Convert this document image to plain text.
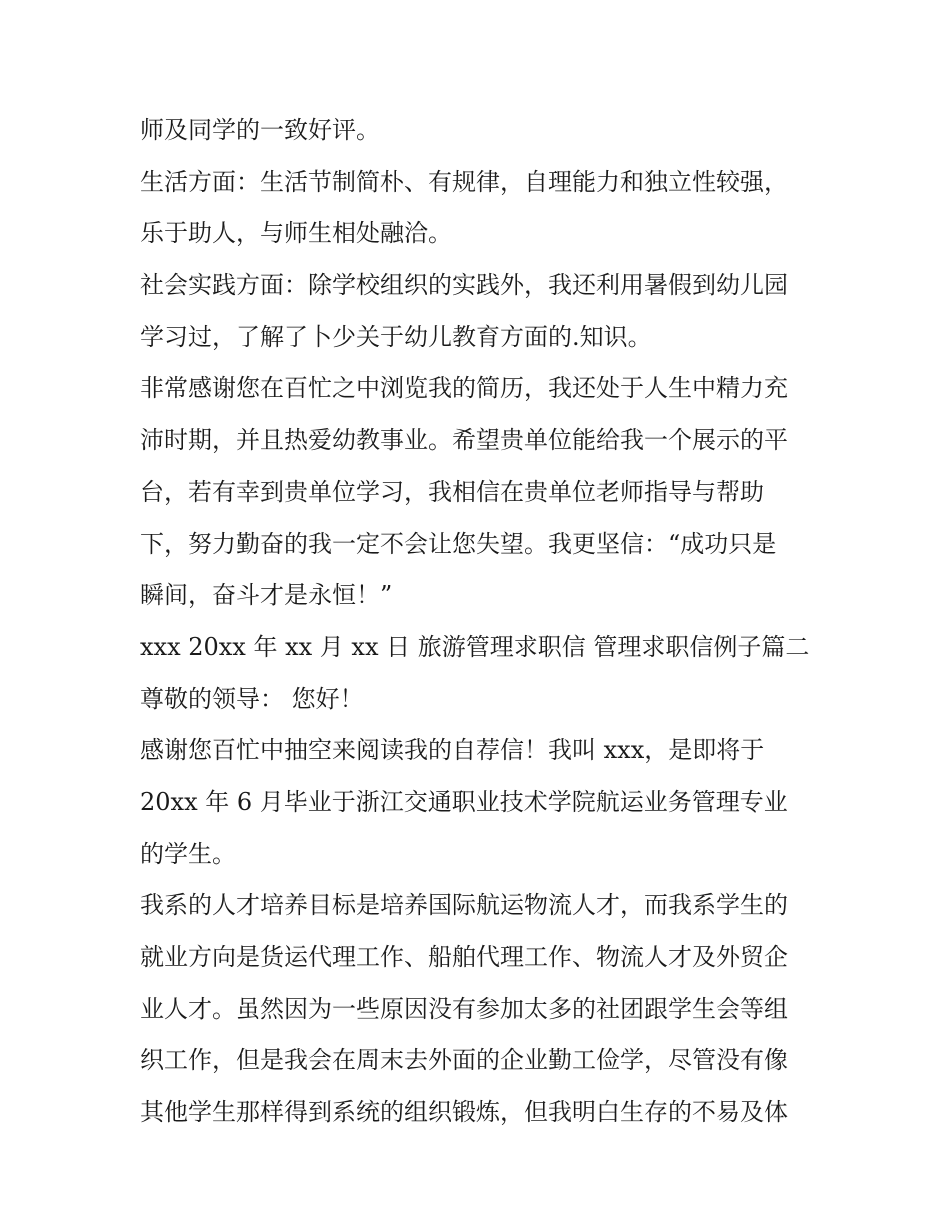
师及同学的一致好评。
生活方面：生活节制简朴、有规律，自理能力和独立性较强，
乐于助人，与师生相处融洽。
社会实践方面：除学校组织的实践外，我还利用暑假到幼儿园
学习过，了解了卜少关于幼儿教育方面的.知识。
非常感谢您在百忙之中浏览我的简历，我还处于人生中精力充
沛时期，并且热爱幼教事业。希望贵单位能给我一个展示的平
台，若有幸到贵单位学习，我相信在贵单位老师指导与帮助
下，努力勤奋的我一定不会让您失望。我更坚信：“成功只是
瞬间，奋斗才是永恒！”
xxx 20xx 年 xx 月 xx 日 旅游管理求职信 管理求职信例子篇二
尊敬的领导： 您好！
感谢您百忙中抽空来阅读我的自荐信！我叫 xxx，是即将于
20xx 年 6 月毕业于浙江交通职业技术学院航运业务管理专业
的学生。
我系的人才培养目标是培养国际航运物流人才，而我系学生的
就业方向是货运代理工作、船舶代理工作、物流人才及外贸企
业人才。虽然因为一些原因没有参加太多的社团跟学生会等组
织工作，但是我会在周末去外面的企业勤工俭学，尽管没有像
其他学生那样得到系统的组织锻炼，但我明白生存的不易及体
